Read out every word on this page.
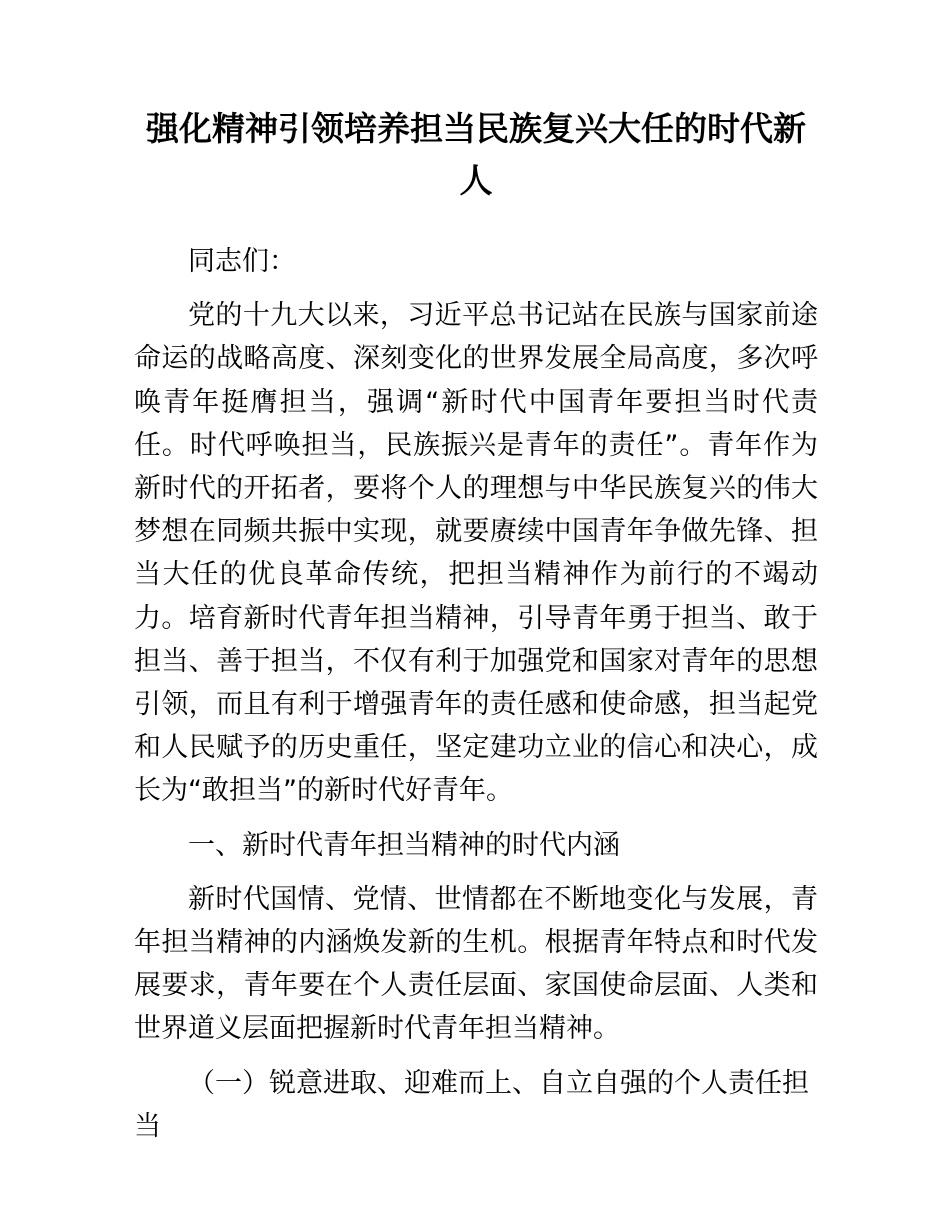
强化精神引领培养担当民族复兴大任的时代新人

同志们：

党的十九大以来，习近平总书记站在民族与国家前途命运的战略高度、深刻变化的世界发展全局高度，多次呼唤青年挺膺担当，强调“新时代中国青年要担当时代责任。时代呼唤担当，民族振兴是青年的责任”。青年作为新时代的开拓者，要将个人的理想与中华民族复兴的伟大梦想在同频共振中实现，就要赓续中国青年争做先锋、担当大任的优良革命传统，把担当精神作为前行的不竭动力。培育新时代青年担当精神，引导青年勇于担当、敢于担当、善于担当，不仅有利于加强党和国家对青年的思想引领，而且有利于增强青年的责任感和使命感，担当起党和人民赋予的历史重任，坚定建功立业的信心和决心，成长为“敢担当”的新时代好青年。

一、新时代青年担当精神的时代内涵

新时代国情、党情、世情都在不断地变化与发展，青年担当精神的内涵焕发新的生机。根据青年特点和时代发展要求，青年要在个人责任层面、家国使命层面、人类和世界道义层面把握新时代青年担当精神。

（一）锐意进取、迎难而上、自立自强的个人责任担当
